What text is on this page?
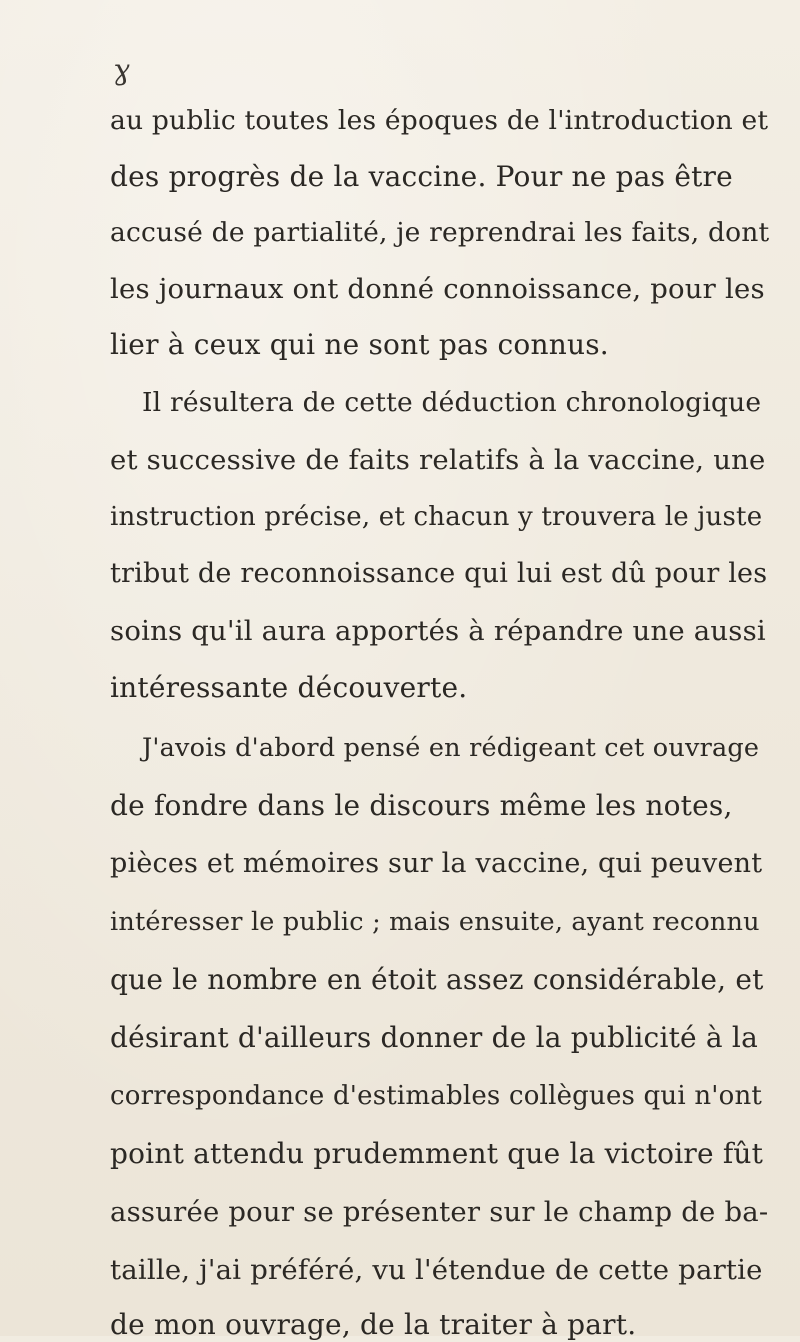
ɣ
au public toutes les époques de l'introduction et
des progrès de la vaccine. Pour ne pas être
accusé de partialité, je reprendrai les faits, dont
les journaux ont donné connoissance, pour les
lier à ceux qui ne sont pas connus.
Il résultera de cette déduction chronologique
et successive de faits relatifs à la vaccine, une
instruction précise, et chacun y trouvera le juste
tribut de reconnoissance qui lui est dû pour les
soins qu'il aura apportés à répandre une aussi
intéressante découverte.
J'avois d'abord pensé en rédigeant cet ouvrage
de fondre dans le discours même les notes,
pièces et mémoires sur la vaccine, qui peuvent
intéresser le public ; mais ensuite, ayant reconnu
que le nombre en étoit assez considérable, et
désirant d'ailleurs donner de la publicité à la
correspondance d'estimables collègues qui n'ont
point attendu prudemment que la victoire fût
assurée pour se présenter sur le champ de ba-
taille, j'ai préféré, vu l'étendue de cette partie
de mon ouvrage, de la traiter à part.
